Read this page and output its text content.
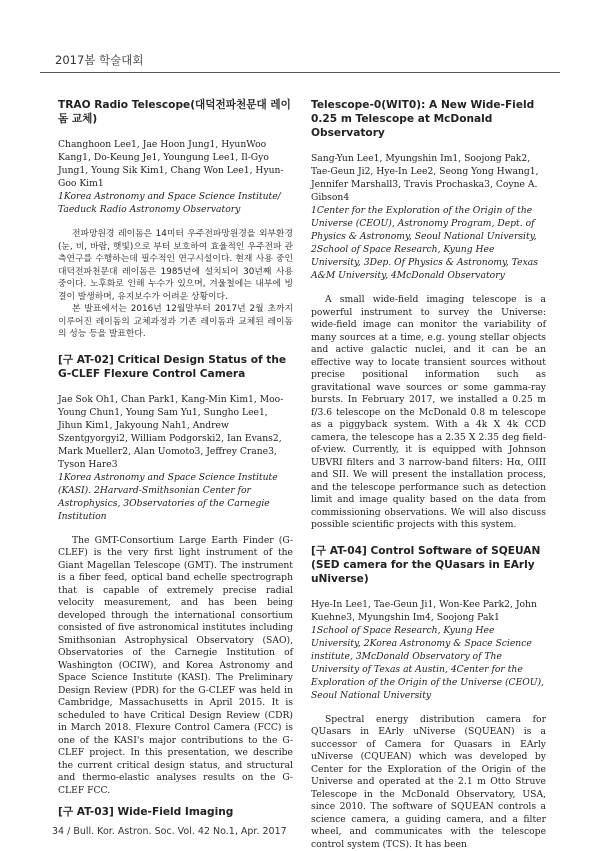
2017봄 학술대회
TRAO Radio Telescope(대덕전파천문대 레이돔 교체)

Changhoon Lee1, Jae Hoon Jung1, HyunWoo Kang1, Do-Keung Je1, Youngung Lee1, Il-Gyo Jung1, Young Sik Kim1, Chang Won Lee1, Hyun-Goo Kim1

1Korea Astronomy and Space Science Institute/ Taeduck Radio Astronomy Observatory

전파망원경 레이돔은 14미터 우주전파망원경을 외부환경(눈, 비, 바람, 햇빛)으로 부터 보호하여 효율적인 우주전파 관측연구를 수행하는데 필수적인 연구시설이다. 현재 사용 중인 대덕전파천문대 레이돔은 1985년에 설치되어 30년째 사용 중이다. 노후화로 인해 누수가 있으며, 겨울철에는 내부에 빙결이 발생하며, 유지보수가 어려운 상황이다.

본 발표에서는 2016년 12월말부터 2017년 2월 초까지 이루어진 레이돔의 교체과정과 기존 레이돔과 교체된 레이돔의 성능 등을 발표한다.

[구 AT-02] Critical Design Status of the G-CLEF Flexure Control Camera

Jae Sok Oh1, Chan Park1, Kang-Min Kim1, Moo-Young Chun1, Young Sam Yu1, Sungho Lee1, Jihun Kim1, Jakyoung Nah1, Andrew Szentgyorgyi2, William Podgorski2, Ian Evans2, Mark Mueller2, Alan Uomoto3, Jeffrey Crane3, Tyson Hare3

1Korea Astronomy and Space Science Institute (KASI). 2Harvard-Smithsonian Center for Astrophysics, 3Observatories of the Carnegie Institution

The GMT-Consortium Large Earth Finder (G-CLEF) is the very first light instrument of the Giant Magellan Telescope (GMT). The instrument is a fiber feed, optical band echelle spectrograph that is capable of extremely precise radial velocity measurement, and has been being developed through the international consortium consisted of five astronomical institutes including Smithsonian Astrophysical Observatory (SAO), Observatories of the Carnegie Institution of Washington (OCIW), and Korea Astronomy and Space Science Institute (KASI). The Preliminary Design Review (PDR) for the G-CLEF was held in Cambridge, Massachusetts in April 2015. It is scheduled to have Critical Design Review (CDR) in March 2018. Flexure Control Camera (FCC) is one of the KASI's major contributions to the G-CLEF project. In this presentation, we describe the current critical design status, and structural and thermo-elastic analyses results on the G-CLEF FCC.

[구 AT-03] Wide-Field Imaging
Telescope-0(WIT0): A New Wide-Field 0.25 m Telescope at McDonald Observatory

Sang-Yun Lee1, Myungshin Im1, Soojong Pak2, Tae-Geun Ji2, Hye-In Lee2, Seong Yong Hwang1, Jennifer Marshall3, Travis Prochaska3, Coyne A. Gibson4

1Center for the Exploration of the Origin of the Universe (CEOU), Astronomy Program, Dept. of Physics & Astronomy, Seoul National University, 2School of Space Research, Kyung Hee University, 3Dep. Of Physics & Astronomy, Texas A&M University, 4McDonald Observatory

A small wide-field imaging telescope is a powerful instrument to survey the Universe: wide-field image can monitor the variability of many sources at a time, e.g. young stellar objects and active galactic nuclei, and it can be an effective way to locate transient sources without precise positional information such as gravitational wave sources or some gamma-ray bursts. In February 2017, we installed a 0.25 m f/3.6 telescope on the McDonald 0.8 m telescope as a piggyback system. With a 4k X 4k CCD camera, the telescope has a 2.35 X 2.35 deg field-of-view. Currently, it is equipped with Johnson UBVRI filters and 3 narrow-band filters: Hα, OIII and SII. We will present the installation process, and the telescope performance such as detection limit and image quality based on the data from commissioning observations. We will also discuss possible scientific projects with this system.

[구 AT-04] Control Software of SQEUAN (SED camera for the QUasars in EArly uNiverse)

Hye-In Lee1, Tae-Geun Ji1, Won-Kee Park2, John Kuehne3, Myungshin Im4, Soojong Pak1

1School of Space Research, Kyung Hee University, 2Korea Astronomy & Space Science institute, 3McDonald Observatory of The University of Texas at Austin, 4Center for the Exploration of the Origin of the Universe (CEOU), Seoul National University

Spectral energy distribution camera for QUasars in EArly uNiverse (SQUEAN) is a successor of Camera for Quasars in EArly uNiverse (CQUEAN) which was developed by Center for the Exploration of the Origin of the Universe and operated at the 2.1 m Otto Struve Telescope in the McDonald Observatory, USA, since 2010. The software of SQUEAN controls a science camera, a guiding camera, and a filter wheel, and communicates with the telescope control system (TCS). It has been

34 / Bull. Kor. Astron. Soc. Vol. 42 No.1, Apr. 2017
